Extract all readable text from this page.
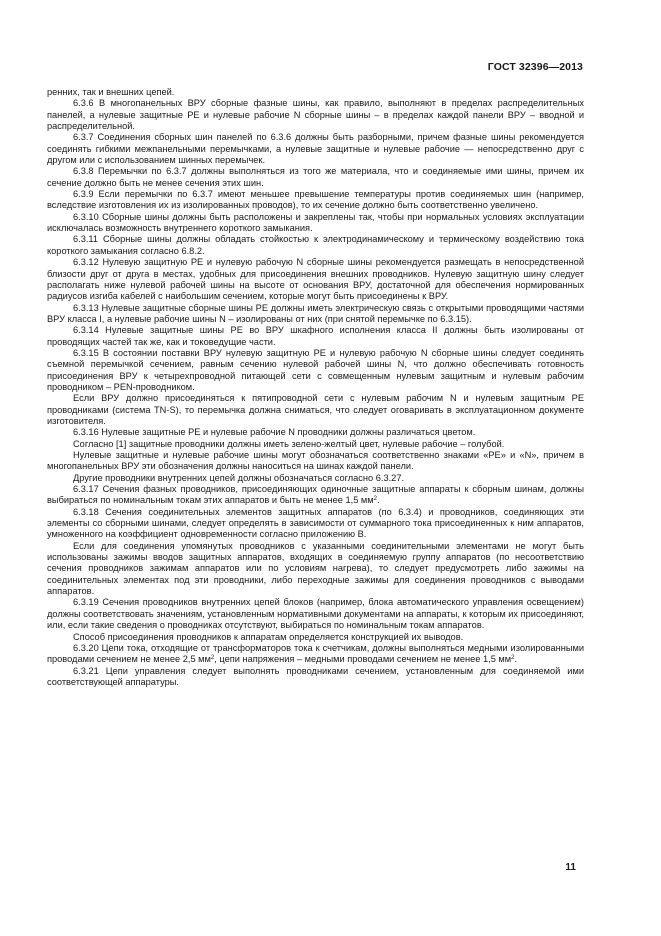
ГОСТ 32396—2013

ренних, так и внешних цепей.

6.3.6 В многопанельных ВРУ сборные фазные шины, как правило, выполняют в пределах распределительных панелей, а нулевые защитные PE и нулевые рабочие N сборные шины – в пределах каждой панели ВРУ – вводной и распределительной.

6.3.7 Соединения сборных шин панелей по 6.3.6 должны быть разборными, причем фазные шины рекомендуется соединять гибкими межпанельными перемычками, а нулевые защитные и нулевые рабочие — непосредственно друг с другом или с использованием шинных перемычек.

6.3.8 Перемычки по 6.3.7 должны выполняться из того же материала, что и соединяемые ими шины, причем их сечение должно быть не менее сечения этих шин.

6.3.9 Если перемычки по 6.3.7 имеют меньшее превышение температуры против соединяемых шин (например, вследствие изготовления их из изолированных проводов), то их сечение должно быть соответственно увеличено.

6.3.10 Сборные шины должны быть расположены и закреплены так, чтобы при нормальных условиях эксплуатации исключалась возможность внутреннего короткого замыкания.

6.3.11 Сборные шины должны обладать стойкостью к электродинамическому и термическому воздействию тока короткого замыкания согласно 6.8.2.

6.3.12 Нулевую защитную PE и нулевую рабочую N сборные шины рекомендуется размещать в непосредственной близости друг от друга в местах, удобных для присоединения внешних проводников. Нулевую защитную шину следует располагать ниже нулевой рабочей шины на высоте от основания ВРУ, достаточной для обеспечения нормированных радиусов изгиба кабелей с наибольшим сечением, которые могут быть присоединены к ВРУ.

6.3.13 Нулевые защитные сборные шины PE должны иметь электрическую связь с открытыми проводящими частями ВРУ класса I, а нулевые рабочие шины N – изолированы от них (при снятой перемычке по 6.3.15).

6.3.14 Нулевые защитные шины PE во ВРУ шкафного исполнения класса II должны быть изолированы от проводящих частей так же, как и токоведущие части.

6.3.15 В состоянии поставки ВРУ нулевую защитную PE и нулевую рабочую N сборные шины следует соединять съемной перемычкой сечением, равным сечению нулевой рабочей шины N, что должно обеспечивать готовность присоединения ВРУ к четырехпроводной питающей сети с совмещенным нулевым защитным и нулевым рабочим проводником – PEN-проводником.

Если ВРУ должно присоединяться к пятипроводной сети с нулевым рабочим N и нулевым защитным PE проводниками (система TN-S), то перемычка должна сниматься, что следует оговаривать в эксплуатационном документе изготовителя.

6.3.16 Нулевые защитные PE и нулевые рабочие N проводники должны различаться цветом.

Согласно [1] защитные проводники должны иметь зелено-желтый цвет, нулевые рабочие – голубой.

Нулевые защитные и нулевые рабочие шины могут обозначаться соответственно знаками «PE» и «N», причем в многопанельных ВРУ эти обозначения должны наноситься на шинах каждой панели.

Другие проводники внутренних цепей должны обозначаться согласно 6.3.27.

6.3.17 Сечения фазных проводников, присоединяющих одиночные защитные аппараты к сборным шинам, должны выбираться по номинальным токам этих аппаратов и быть не менее 1,5 $мм^2$.

6.3.18 Сечения соединительных элементов защитных аппаратов (по 6.3.4) и проводников, соединяющих эти элементы со сборными шинами, следует определять в зависимости от суммарного тока присоединенных к ним аппаратов, умноженного на коэффициент одновременности согласно приложению В.

Если для соединения упомянутых проводников с указанными соединительными элементами не могут быть использованы зажимы вводов защитных аппаратов, входящих в соединяемую группу аппаратов (по несоответствию сечения проводников зажимам аппаратов или по условиям нагрева), то следует предусмотреть либо зажимы на соединительных элементах под эти проводники, либо переходные зажимы для соединения проводников с выводами аппаратов.

6.3.19 Сечения проводников внутренних цепей блоков (например, блока автоматического управления освещением) должны соответствовать значениям, установленным нормативными документами на аппараты, к которым их присоединяют, или, если такие сведения о проводниках отсутствуют, выбираться по номинальным токам аппаратов.

Способ присоединения проводников к аппаратам определяется конструкцией их выводов.

6.3.20 Цепи тока, отходящие от трансформаторов тока к счетчикам, должны выполняться медными изолированными проводами сечением не менее 2,5 $мм^2$, цепи напряжения – медными проводами сечением не менее 1,5 $мм^2$.

6.3.21 Цепи управления следует выполнять проводниками сечением, установленным для соединяемой ими соответствующей аппаратуры.

11
